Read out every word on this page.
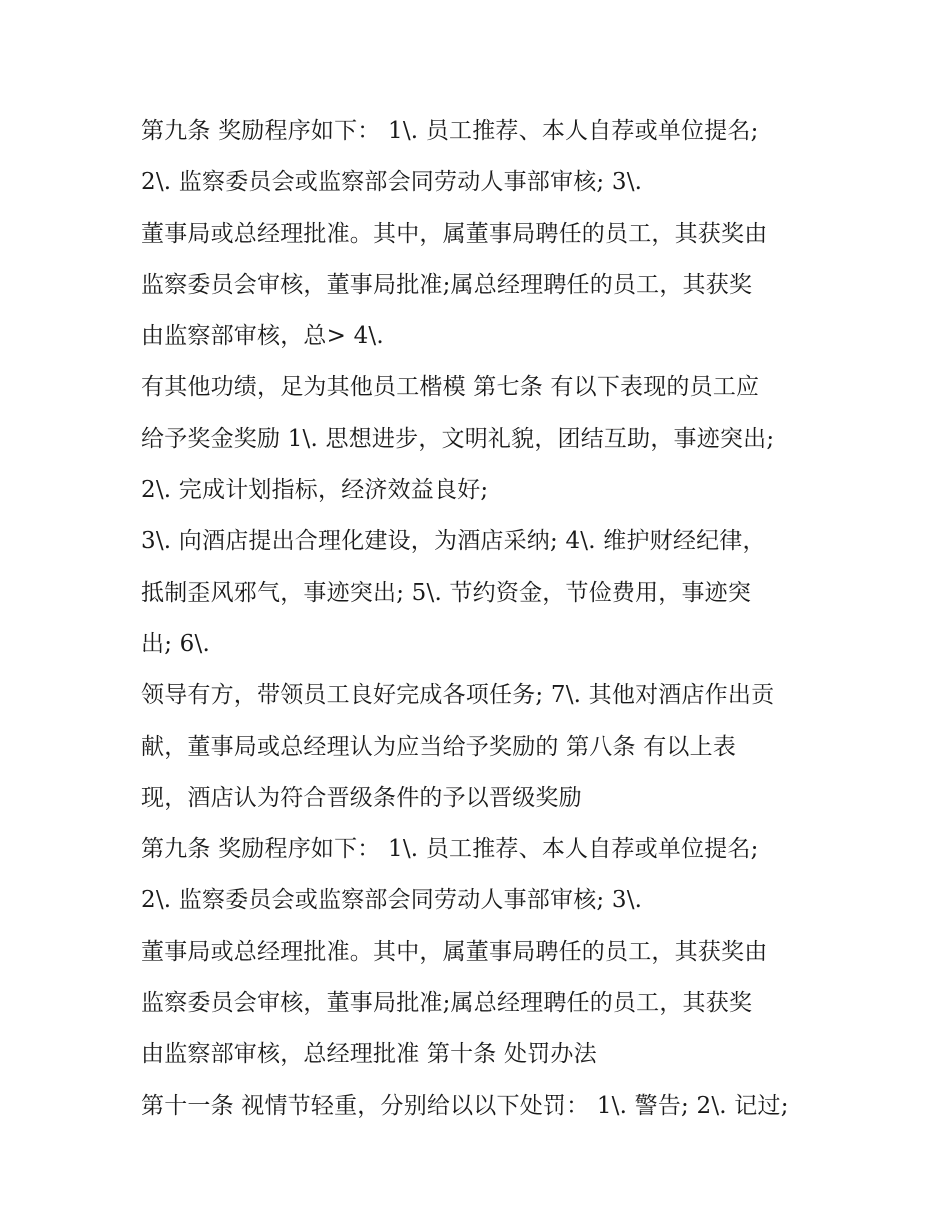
第九条 奖励程序如下： 1\. 员工推荐、本人自荐或单位提名;
2\. 监察委员会或监察部会同劳动人事部审核; 3\.
董事局或总经理批准。其中，属董事局聘任的员工，其获奖由
监察委员会审核，董事局批准;属总经理聘任的员工，其获奖
由监察部审核，总> 4\.
有其他功绩，足为其他员工楷模 第七条 有以下表现的员工应
给予奖金奖励 1\. 思想进步，文明礼貌，团结互助，事迹突出;
2\. 完成计划指标，经济效益良好;
3\. 向酒店提出合理化建设，为酒店采纳; 4\. 维护财经纪律，
抵制歪风邪气，事迹突出; 5\. 节约资金，节俭费用，事迹突
出; 6\.
领导有方，带领员工良好完成各项任务; 7\. 其他对酒店作出贡
献，董事局或总经理认为应当给予奖励的 第八条 有以上表
现，酒店认为符合晋级条件的予以晋级奖励
第九条 奖励程序如下： 1\. 员工推荐、本人自荐或单位提名;
2\. 监察委员会或监察部会同劳动人事部审核; 3\.
董事局或总经理批准。其中，属董事局聘任的员工，其获奖由
监察委员会审核，董事局批准;属总经理聘任的员工，其获奖
由监察部审核，总经理批准 第十条 处罚办法
第十一条 视情节轻重，分别给以以下处罚： 1\. 警告; 2\. 记过;
